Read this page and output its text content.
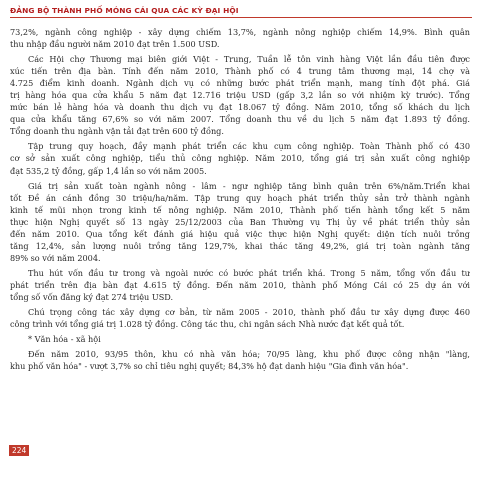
ĐẢNG BỘ THÀNH PHỐ MÓNG CÁI QUA CÁC KỲ ĐẠI HỘI
73,2%, ngành công nghiệp - xây dựng chiếm 13,7%, ngành nông nghiệp chiếm 14,9%. Bình quân
thu nhập đầu người năm 2010 đạt trên 1.500 USD.
Các Hội chợ Thương mại biên giới Việt - Trung, Tuần lễ tôn vinh hàng Việt lần đầu tiên được
xúc tiến trên địa bàn. Tính đến năm 2010, Thành phố có 4 trung tâm thương mại, 14 chợ và
4.725 điểm kinh doanh. Ngành dịch vụ có những bước phát triển mạnh, mang tính đột phá. Giá
trị hàng hóa qua cửa khẩu 5 năm đạt 12.716 triệu USD (gấp 3,2 lần so với nhiệm kỳ trước). Tổng
mức bán lẻ hàng hóa và doanh thu dịch vụ đạt 18.067 tỷ đồng. Năm 2010, tổng số khách du lịch
qua cửa khẩu tăng 67,6% so với năm 2007. Tổng doanh thu về du lịch 5 năm đạt 1.893 tỷ đồng.
Tổng doanh thu ngành vận tải đạt trên 600 tỷ đồng.
Tập trung quy hoạch, đầy mạnh phát triển các khu cụm công nghiệp. Toàn Thành phố có 430
cơ sở sản xuất công nghiệp, tiểu thủ công nghiệp. Năm 2010, tổng giá trị sản xuất công nghiệp
đạt 535,2 tỷ đồng, gấp 1,4 lần so với năm 2005.
Giá trị sản xuất toàn ngành nông - lâm - ngư nghiệp tăng bình quân trên 6%/năm.Triển khai
tốt Đề án cánh đồng 30 triệu/ha/năm. Tập trung quy hoạch phát triển thủy sản trở thành ngành
kinh tế mũi nhọn trong kinh tế nông nghiệp. Năm 2010, Thành phố tiến hành tổng kết 5 năm
thực hiện Nghị quyết số 13 ngày 25/12/2003 của Ban Thường vụ Thị ủy về phát triển thủy sản
đến năm 2010. Qua tổng kết đánh giá hiệu quả việc thực hiện Nghị quyết: diện tích nuôi trồng
tăng 12,4%, sản lượng nuôi trồng tăng 129,7%, khai thác tăng 49,2%, giá trị toàn ngành tăng
89% so với năm 2004.
Thu hút vốn đầu tư trong và ngoài nước có bước phát triển khá. Trong 5 năm, tổng vốn đầu tư
phát triển trên địa bàn đạt 4.615 tỷ đồng. Đến năm 2010, thành phố Móng Cái có 25 dự án với
tổng số vốn đăng ký đạt 274 triệu USD.
Chú trọng công tác xây dựng cơ bản, từ năm 2005 - 2010, thành phố đầu tư xây dựng được 460
công trình với tổng giá trị 1.028 tỷ đồng. Công tác thu, chi ngân sách Nhà nước đạt kết quả tốt.
* Văn hóa - xã hội
Đến năm 2010, 93/95 thôn, khu có nhà văn hóa; 70/95 làng, khu phố được công nhận "làng,
khu phố văn hóa" - vượt 3,7% so chỉ tiêu nghị quyết; 84,3% hộ đạt danh hiệu "Gia đình văn hóa".
224
